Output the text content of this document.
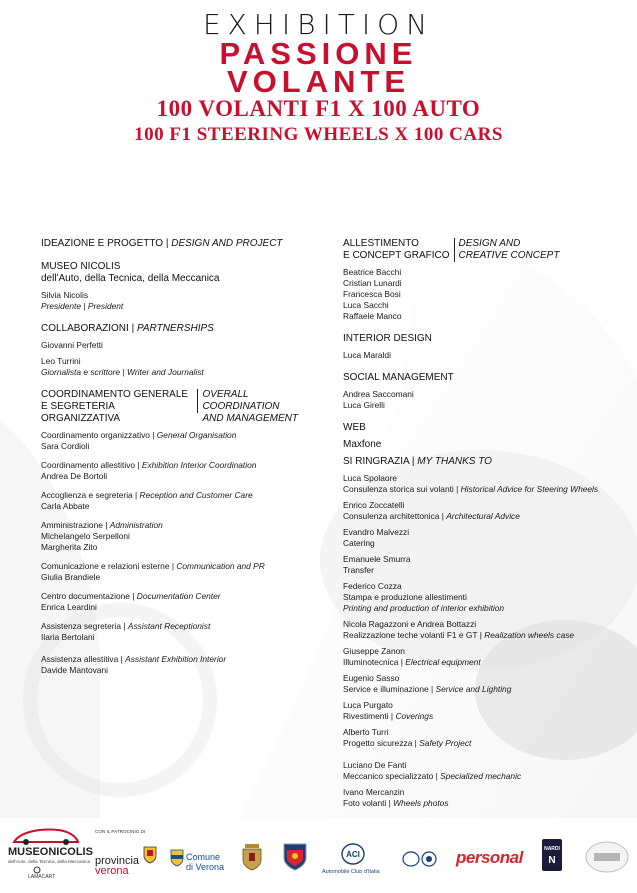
EXHIBITION
PASSIONE
VOLANTE
100 VOLANTI F1 X 100 AUTO
100 F1 STEERING WHEELS X 100 CARS
IDEAZIONE E PROGETTO | DESIGN AND PROJECT
MUSEO NICOLIS
dell'Auto, della Tecnica, della Meccanica
Silvia Nicolis
Presidente | President
COLLABORAZIONI | PARTNERSHIPS
Giovanni Perfetti
Leo Turrini
Giornalista e scrittore | Writer and Journalist
COORDINAMENTO GENERALE
E SEGRETERIA ORGANIZZATIVA
OVERALL COORDINATION
AND MANAGEMENT
Coordinamento organizzativo | General Organisation
Sara Cordioli
Coordinamento allestitivo | Exhibition Interior Coordination
Andrea De Bortoli
Accoglienza e segreteria | Reception and Customer Care
Carla Abbate
Amministrazione | Administration
Michelangelo Serpelloni
Margherita Zito
Comunicazione e relazioni esterne | Communication and PR
Giulia Brandiele
Centro documentazione | Documentation Center
Enrica Leardini
Assistenza segreteria | Assistant Receptionist
Ilaria Bertolani
Assistenza allestitiva | Assistant Exhibition Interior
Davide Mantovani
ALLESTIMENTO
E CONCEPT GRAFICO
DESIGN AND
CREATIVE CONCEPT
Beatrice Bacchi
Cristian Lunardi
Francesca Bosi
Luca Sacchi
Raffaele Manco
INTERIOR DESIGN
Luca Maraldi
SOCIAL MANAGEMENT
Andrea Saccomani
Luca Girelli
WEB
Maxfone
SI RINGRAZIA | MY THANKS TO
Luca Spolaore
Consulenza storica sui volanti | Historical Advice for Steering Wheels
Enrico Zoccatelli
Consulenza architettonica | Architectural Advice
Evandro Malvezzi
Catering
Emanuele Smurra
Transfer
Federico Cozza
Stampa e produzione allestimenti
Printing and production of interior exhibition
Nicola Ragazzoni e Andrea Bottazzi
Realizzazione teche volanti F1 e GT | Realization wheels case
Giuseppe Zanon
Illuminotecnica | Electrical equipment
Eugenio Sasso
Service e illuminazione | Service and Lighting
Luca Purgato
Rivestimenti | Coverings
Alberto Turri
Progetto sicurezza | Safety Project
Luciano De Fanti
Meccanico specializzato | Specialized mechanic
Ivano Mercanzin
Foto volanti | Wheels photos
MUSEONICOLIS
dell'Auto, della Tecnica, della Meccanica
LAMACART
CON IL PATROCINIO DI
provincia
verona
Comune
di Verona
ACI
Automobile Club d'Italia
personal	NARDI
N
